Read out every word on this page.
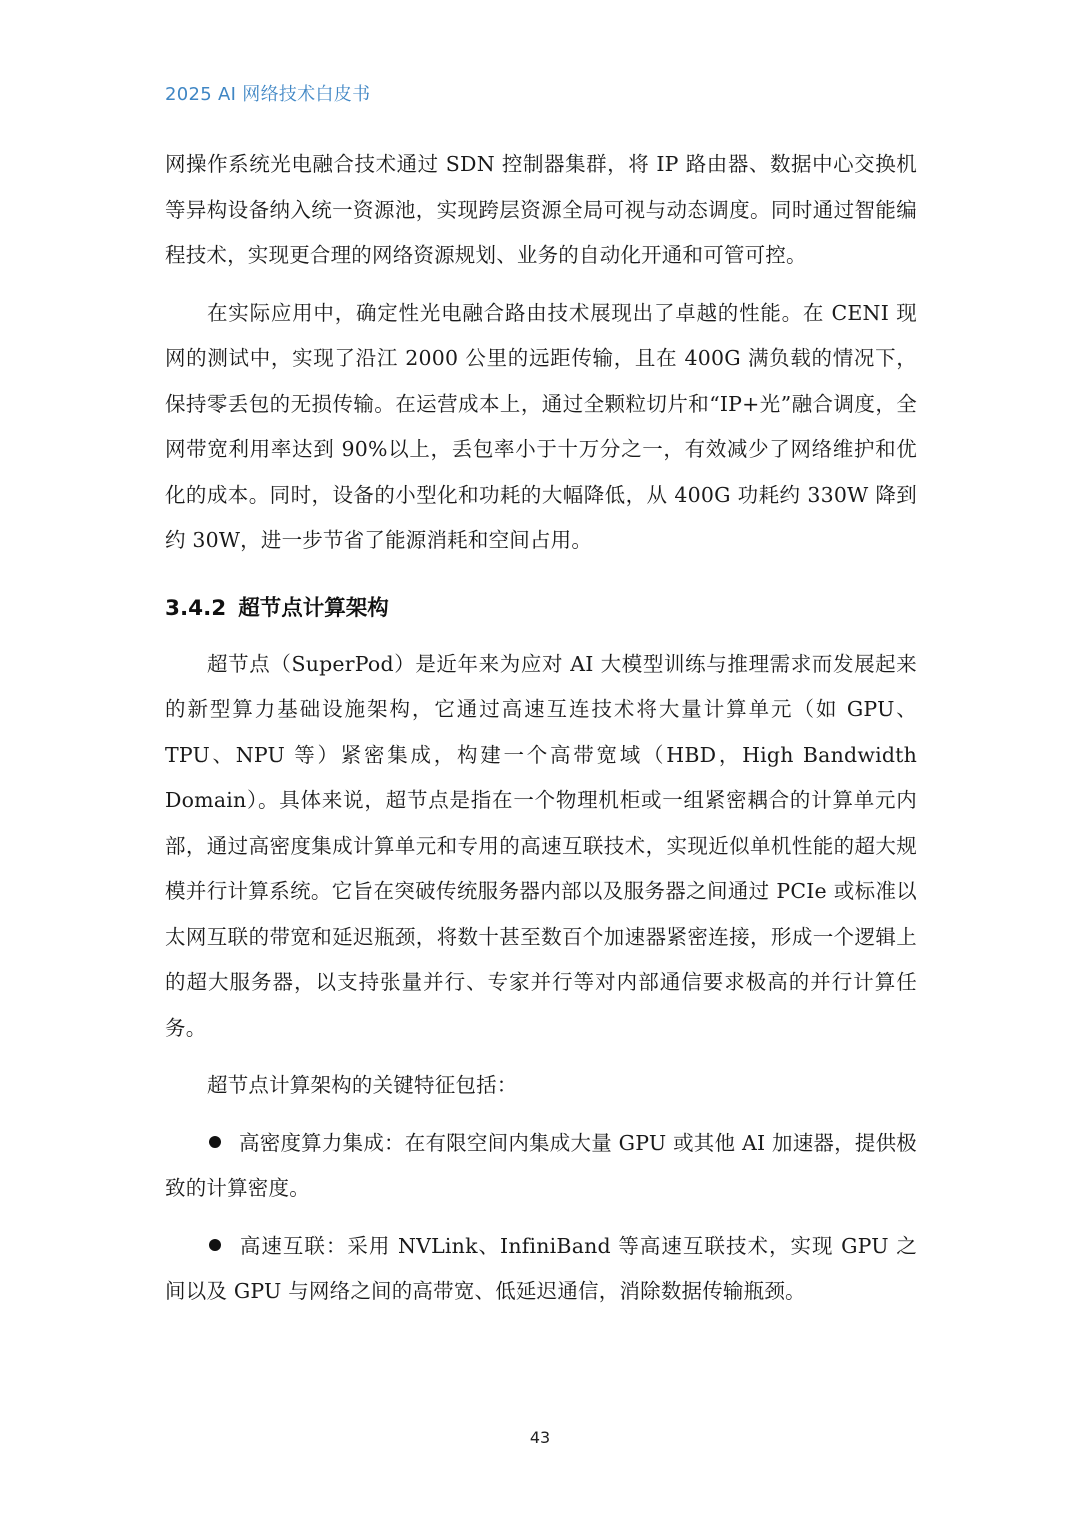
2025 AI 网络技术白皮书

网操作系统光电融合技术通过 SDN 控制器集群，将 IP 路由器、数据中心交换机等异构设备纳入统一资源池，实现跨层资源全局可视与动态调度。同时通过智能编程技术，实现更合理的网络资源规划、业务的自动化开通和可管可控。

在实际应用中，确定性光电融合路由技术展现出了卓越的性能。在 CENI 现网的测试中，实现了沿江 2000 公里的远距传输，且在 400G 满负载的情况下，保持零丢包的无损传输。在运营成本上，通过全颗粒切片和“IP+光”融合调度，全网带宽利用率达到 90%以上，丢包率小于十万分之一，有效减少了网络维护和优化的成本。同时，设备的小型化和功耗的大幅降低，从 400G 功耗约 330W 降到约 30W，进一步节省了能源消耗和空间占用。

3.4.2 超节点计算架构

超节点（SuperPod）是近年来为应对 AI 大模型训练与推理需求而发展起来的新型算力基础设施架构，它通过高速互连技术将大量计算单元（如 GPU、TPU、NPU 等）紧密集成，构建一个高带宽域（HBD，High Bandwidth Domain）。具体来说，超节点是指在一个物理机柜或一组紧密耦合的计算单元内部，通过高密度集成计算单元和专用的高速互联技术，实现近似单机性能的超大规模并行计算系统。它旨在突破传统服务器内部以及服务器之间通过 PCIe 或标准以太网互联的带宽和延迟瓶颈，将数十甚至数百个加速器紧密连接，形成一个逻辑上的超大服务器，以支持张量并行、专家并行等对内部通信要求极高的并行计算任务。

超节点计算架构的关键特征包括：

高密度算力集成：在有限空间内集成大量 GPU 或其他 AI 加速器，提供极致的计算密度。

高速互联：采用 NVLink、InfiniBand 等高速互联技术，实现 GPU 之间以及 GPU 与网络之间的高带宽、低延迟通信，消除数据传输瓶颈。

43
